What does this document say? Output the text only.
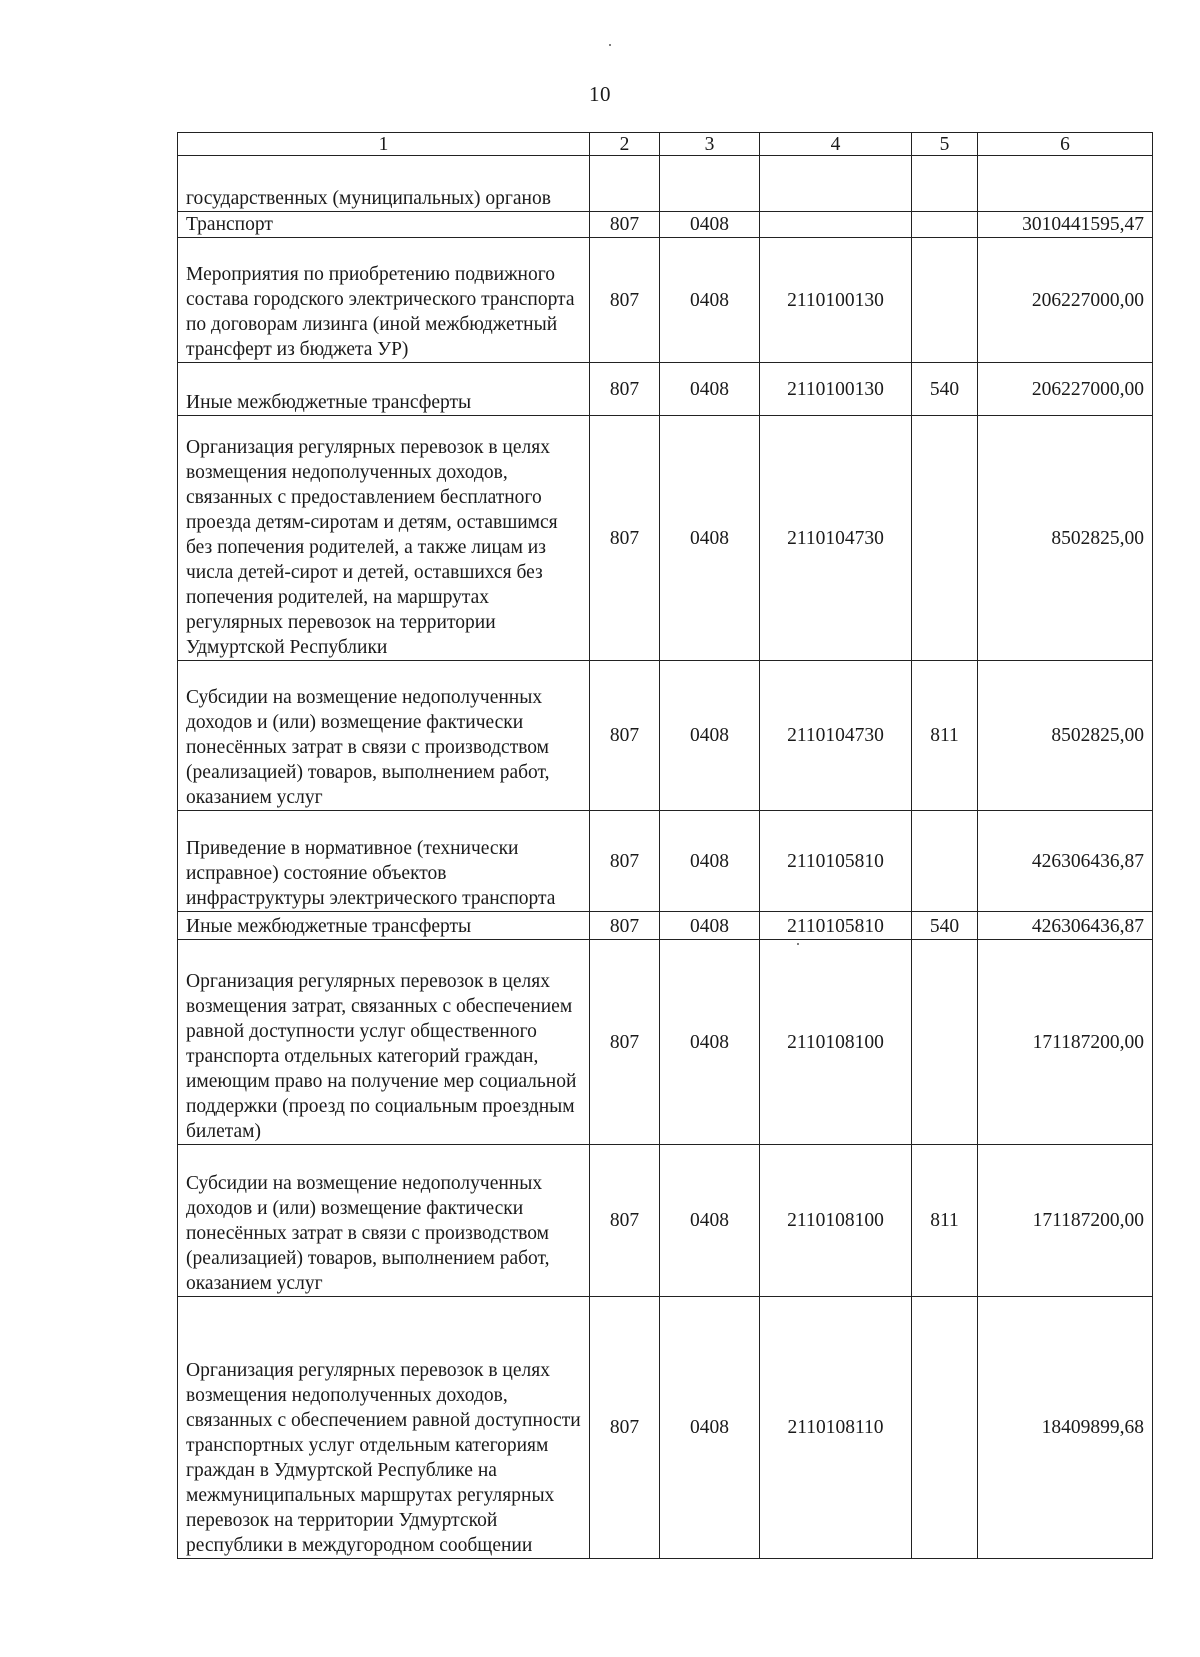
10
1	2	3	4	5	6
государственных (муниципальных) органов					
Транспорт	807	0408			3010441595,47
Мероприятия по приобретению подвижного состава городского электрического транспорта по договорам лизинга (иной межбюджетный трансферт из бюджета УР)	807	0408	2110100130		206227000,00
Иные межбюджетные трансферты	807	0408	2110100130	540	206227000,00
Организация регулярных перевозок в целях возмещения недополученных доходов, связанных с предоставлением бесплатного проезда детям-сиротам и детям, оставшимся без попечения родителей, а также лицам из числа детей-сирот и детей, оставшихся без попечения родителей, на маршрутах регулярных перевозок на территории Удмуртской Республики	807	0408	2110104730		8502825,00
Субсидии на возмещение недополученных доходов и (или) возмещение фактически понесённых затрат в связи с производством (реализацией) товаров, выполнением работ, оказанием услуг	807	0408	2110104730	811	8502825,00
Приведение в нормативное (технически исправное) состояние объектов инфраструктуры электрического транспорта	807	0408	2110105810		426306436,87
Иные межбюджетные трансферты	807	0408	2110105810	540	426306436,87
Организация регулярных перевозок в целях возмещения затрат, связанных с обеспечением равной доступности услуг общественного транспорта отдельных категорий граждан, имеющим право на получение мер социальной поддержки (проезд по социальным проездным билетам)	807	0408	2110108100		171187200,00
Субсидии на возмещение недополученных доходов и (или) возмещение фактически понесённых затрат в связи с производством (реализацией) товаров, выполнением работ, оказанием услуг	807	0408	2110108100	811	171187200,00
Организация регулярных перевозок в целях возмещения недополученных доходов, связанных с обеспечением равной доступности транспортных услуг отдельным категориям граждан в Удмуртской Республике на межмуниципальных маршрутах регулярных перевозок на территории Удмуртской республики в междугородном сообщении	807	0408	2110108110		18409899,68
